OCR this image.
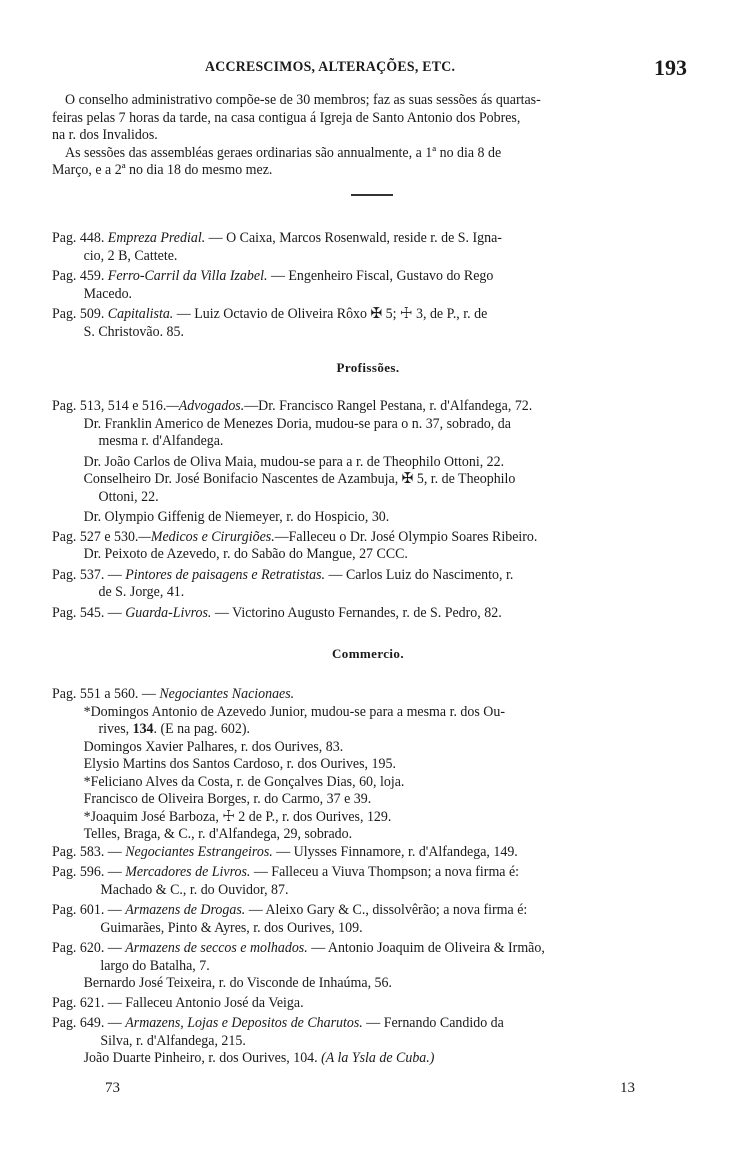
ACCRESCIMOS, ALTERAÇÕES, ETC.	193
O conselho administrativo compõe-se de 30 membros; faz as suas sessões ás quartas-
feiras pelas 7 horas da tarde, na casa contigua á Igreja de Santo Antonio dos Pobres,
na r. dos Invalidos.
As sessões das assembléas geraes ordinarias são annualmente, a 1ª no dia 8 de
Março, e a 2ª no dia 18 do mesmo mez.
Pag. 448. Empreza Predial. — O Caixa, Marcos Rosenwald, reside r. de S. Igna-
cio, 2 B, Cattete.
Pag. 459. Ferro-Carril da Villa Izabel. — Engenheiro Fiscal, Gustavo do Rego
Macedo.
Pag. 509. Capitalista. — Luiz Octavio de Oliveira Rôxo ✠ 5; ☩ 3, de P., r. de
S. Christovão. 85.
Profissões.
Pag. 513, 514 e 516.—Advogados.—Dr. Francisco Rangel Pestana, r. d'Alfandega, 72.
Dr. Franklin Americo de Menezes Doria, mudou-se para o n. 37, sobrado, da
mesma r. d'Alfandega.
Dr. João Carlos de Oliva Maia, mudou-se para a r. de Theophilo Ottoni, 22.
Conselheiro Dr. José Bonifacio Nascentes de Azambuja, ✠ 5, r. de Theophilo
Ottoni, 22.
Dr. Olympio Giffenig de Niemeyer, r. do Hospicio, 30.
Pag. 527 e 530.—Medicos e Cirurgiões.—Falleceu o Dr. José Olympio Soares Ribeiro.
Dr. Peixoto de Azevedo, r. do Sabão do Mangue, 27 CCC.
Pag. 537. — Pintores de paisagens e Retratistas. — Carlos Luiz do Nascimento, r.
de S. Jorge, 41.
Pag. 545. — Guarda-Livros. — Victorino Augusto Fernandes, r. de S. Pedro, 82.
Commercio.
Pag. 551 a 560. — Negociantes Nacionaes.
*Domingos Antonio de Azevedo Junior, mudou-se para a mesma r. dos Ou-
rives, 134. (E na pag. 602).
Domingos Xavier Palhares, r. dos Ourives, 83.
Elysio Martins dos Santos Cardoso, r. dos Ourives, 195.
*Feliciano Alves da Costa, r. de Gonçalves Dias, 60, loja.
Francisco de Oliveira Borges, r. do Carmo, 37 e 39.
*Joaquim José Barboza, ☩ 2 de P., r. dos Ourives, 129.
Telles, Braga, & C., r. d'Alfandega, 29, sobrado.
Pag. 583. — Negociantes Estrangeiros. — Ulysses Finnamore, r. d'Alfandega, 149.
Pag. 596. — Mercadores de Livros. — Falleceu a Viuva Thompson; a nova firma é:
Machado & C., r. do Ouvidor, 87.
Pag. 601. — Armazens de Drogas. — Aleixo Gary & C., dissolvêrão; a nova firma é:
Guimarães, Pinto & Ayres, r. dos Ourives, 109.
Pag. 620. — Armazens de seccos e molhados. — Antonio Joaquim de Oliveira & Irmão,
largo do Batalha, 7.
Bernardo José Teixeira, r. do Visconde de Inhaúma, 56.
Pag. 621. — Falleceu Antonio José da Veiga.
Pag. 649. — Armazens, Lojas e Depositos de Charutos. — Fernando Candido da
Silva, r. d'Alfandega, 215.
João Duarte Pinheiro, r. dos Ourives, 104. (A la Ysla de Cuba.)
73	13
